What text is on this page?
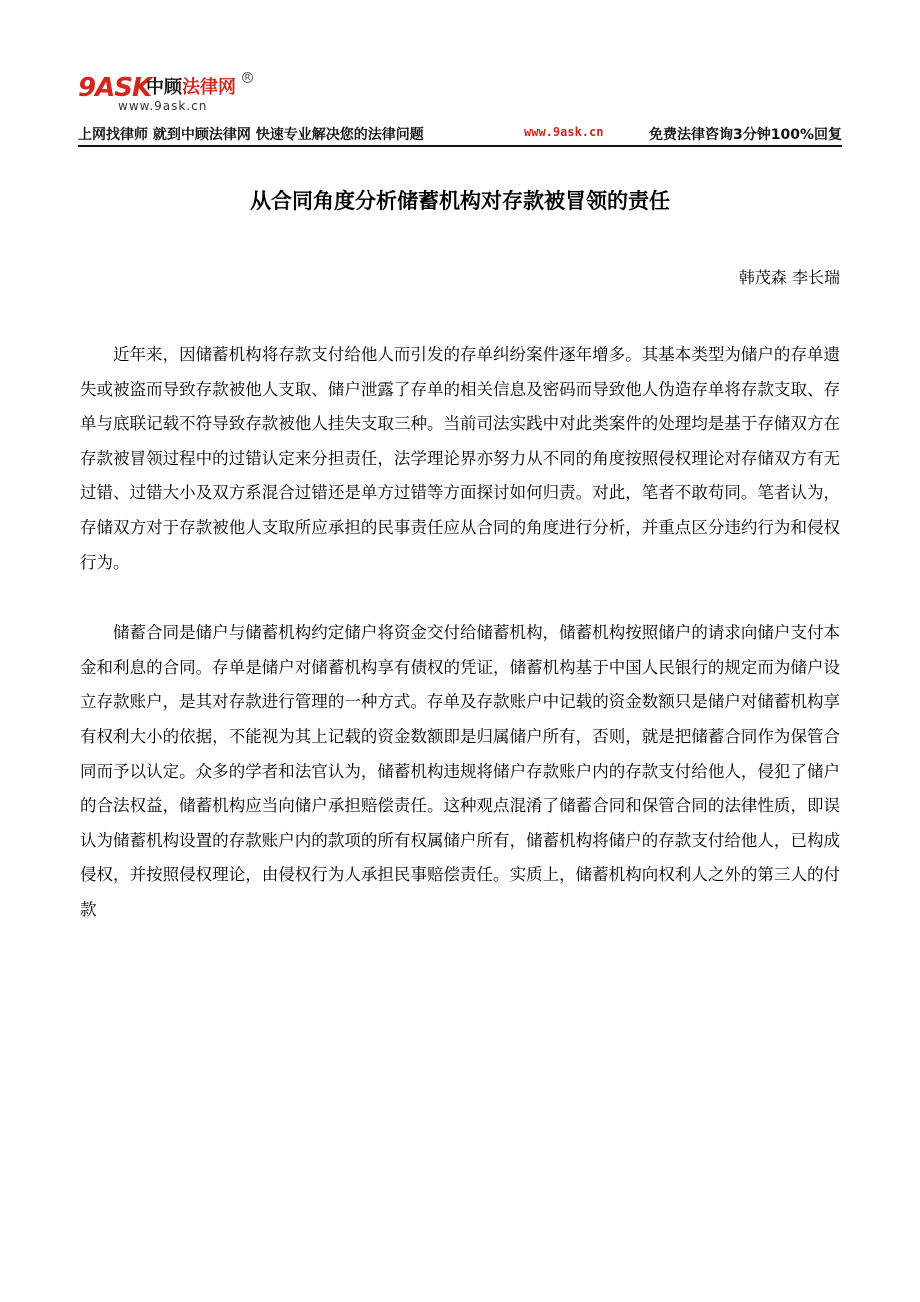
9ASK
中顾法律网	R
www.9ask.cn
上网找律师 就到中顾法律网 快速专业解决您的法律问题	www.9ask.cn	免费法律咨询3分钟100%回复
从合同角度分析储蓄机构对存款被冒领的责任
韩茂森 李长瑞

近年来，因储蓄机构将存款支付给他人而引发的存单纠纷案件逐年增多。其基本类型为储户的存单遗失或被盗而导致存款被他人支取、储户泄露了存单的相关信息及密码而导致他人伪造存单将存款支取、存单与底联记载不符导致存款被他人挂失支取三种。当前司法实践中对此类案件的处理均是基于存储双方在存款被冒领过程中的过错认定来分担责任，法学理论界亦努力从不同的角度按照侵权理论对存储双方有无过错、过错大小及双方系混合过错还是单方过错等方面探讨如何归责。对此，笔者不敢苟同。笔者认为，存储双方对于存款被他人支取所应承担的民事责任应从合同的角度进行分析，并重点区分违约行为和侵权行为。

储蓄合同是储户与储蓄机构约定储户将资金交付给储蓄机构，储蓄机构按照储户的请求向储户支付本金和利息的合同。存单是储户对储蓄机构享有债权的凭证，储蓄机构基于中国人民银行的规定而为储户设立存款账户，是其对存款进行管理的一种方式。存单及存款账户中记载的资金数额只是储户对储蓄机构享有权利大小的依据，不能视为其上记载的资金数额即是归属储户所有，否则，就是把储蓄合同作为保管合同而予以认定。众多的学者和法官认为，储蓄机构违规将储户存款账户内的存款支付给他人，侵犯了储户的合法权益，储蓄机构应当向储户承担赔偿责任。这种观点混淆了储蓄合同和保管合同的法律性质，即误认为储蓄机构设置的存款账户内的款项的所有权属储户所有，储蓄机构将储户的存款支付给他人，已构成侵权，并按照侵权理论，由侵权行为人承担民事赔偿责任。实质上，储蓄机构向权利人之外的第三人的付款
